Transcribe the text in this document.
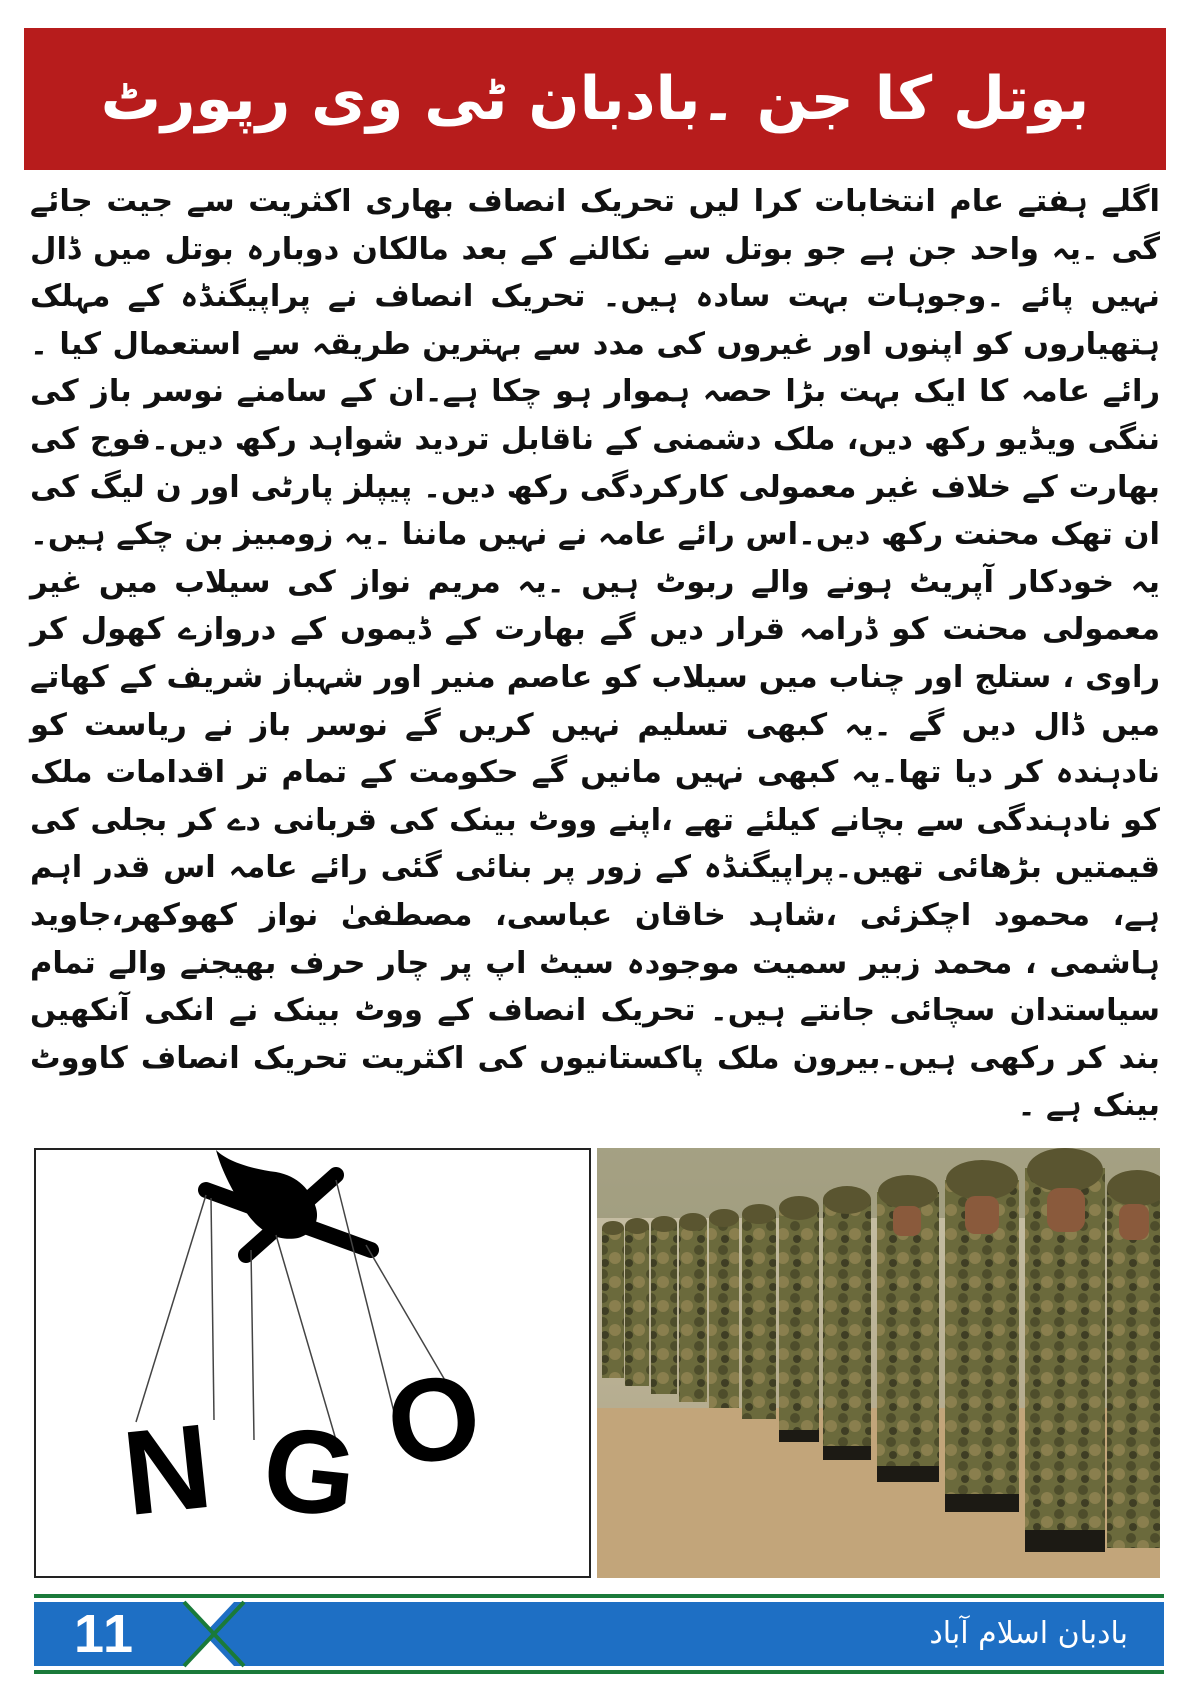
بوتل کا جن ۔بادبان ٹی وی رپورٹ

اگلے ہفتے عام انتخابات کرا لیں تحریک انصاف بھاری اکثریت سے جیت جائے گی ۔یہ واحد جن ہے جو بوتل سے نکالنے کے بعد مالکان دوبارہ بوتل میں ڈال نہیں پائے ۔وجوہات بہت سادہ ہیں۔ تحریک انصاف نے پراپیگنڈہ کے مہلک ہتھیاروں کو اپنوں اور غیروں کی مدد سے بہترین طریقہ سے استعمال کیا ۔رائے عامہ کا ایک بہت بڑا حصہ ہموار ہو چکا ہے۔ان کے سامنے نوسر باز کی ننگی ویڈیو رکھ دیں، ملک دشمنی کے ناقابل تردید شواہد رکھ دیں۔فوج کی بھارت کے خلاف غیر معمولی کارکردگی رکھ دیں۔ پیپلز پارٹی اور ن لیگ کی ان تھک محنت رکھ دیں۔اس رائے عامہ نے نہیں ماننا ۔یہ زومبیز بن چکے ہیں۔یہ خودکار آپریٹ ہونے والے ربوٹ ہیں ۔یہ مریم نواز کی سیلاب میں غیر معمولی محنت کو ڈرامہ قرار دیں گے بھارت کے ڈیموں کے دروازے کھول کر راوی ، ستلج اور چناب میں سیلاب کو عاصم منیر اور شہباز شریف کے کھاتے میں ڈال دیں گے ۔یہ کبھی تسلیم نہیں کریں گے نوسر باز نے ریاست کو نادہندہ کر دیا تھا۔یہ کبھی نہیں مانیں گے حکومت کے تمام تر اقدامات ملک کو نادہندگی سے بچانے کیلئے تھے ،اپنے ووٹ بینک کی قربانی دے کر بجلی کی قیمتیں بڑھائی تھیں۔پراپیگنڈہ کے زور پر بنائی گئی رائے عامہ اس قدر اہم ہے، محمود اچکزئی ،شاہد خاقان عباسی، مصطفیٰ نواز کھوکھر،جاوید ہاشمی ، محمد زبیر سمیت موجودہ سیٹ اپ پر چار حرف بھیجنے والے تمام سیاستدان سچائی جانتے ہیں۔ تحریک انصاف کے ووٹ بینک نے انکی آنکھیں بند کر رکھی ہیں۔بیرون ملک پاکستانیوں کی اکثریت تحریک انصاف کاووٹ بینک ہے ۔

N G O
11	بادبان اسلام آباد
